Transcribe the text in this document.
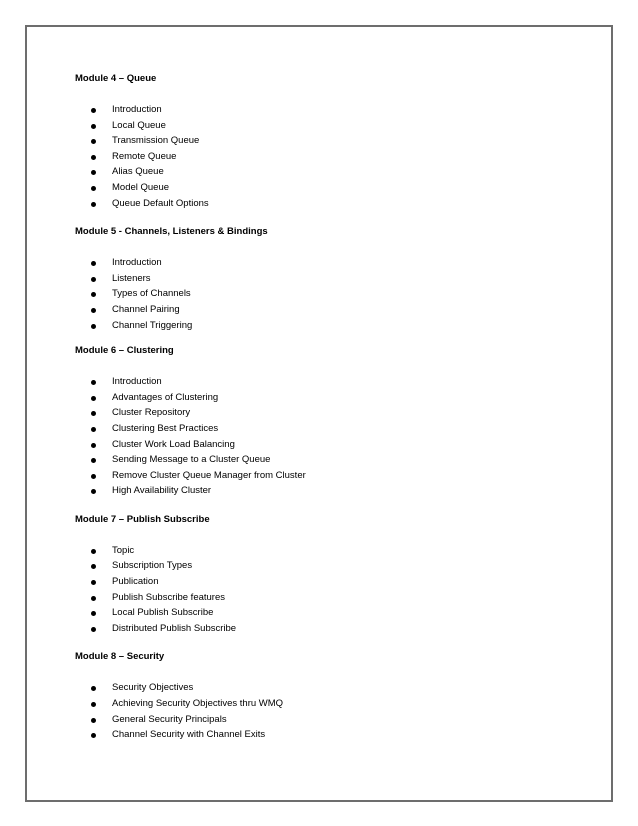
Module 4 – Queue

Introduction
Local Queue
Transmission Queue
Remote Queue
Alias Queue
Model Queue
Queue Default Options

Module 5 - Channels, Listeners & Bindings

Introduction
Listeners
Types of Channels
Channel Pairing
Channel Triggering

Module 6 – Clustering

Introduction
Advantages of Clustering
Cluster Repository
Clustering Best Practices
Cluster Work Load Balancing
Sending Message to a Cluster Queue
Remove Cluster Queue Manager from Cluster
High Availability Cluster

Module 7 – Publish Subscribe

Topic
Subscription Types
Publication
Publish Subscribe features
Local Publish Subscribe
Distributed Publish Subscribe

Module 8 – Security

Security Objectives
Achieving Security Objectives thru WMQ
General Security Principals
Channel Security with Channel Exits
